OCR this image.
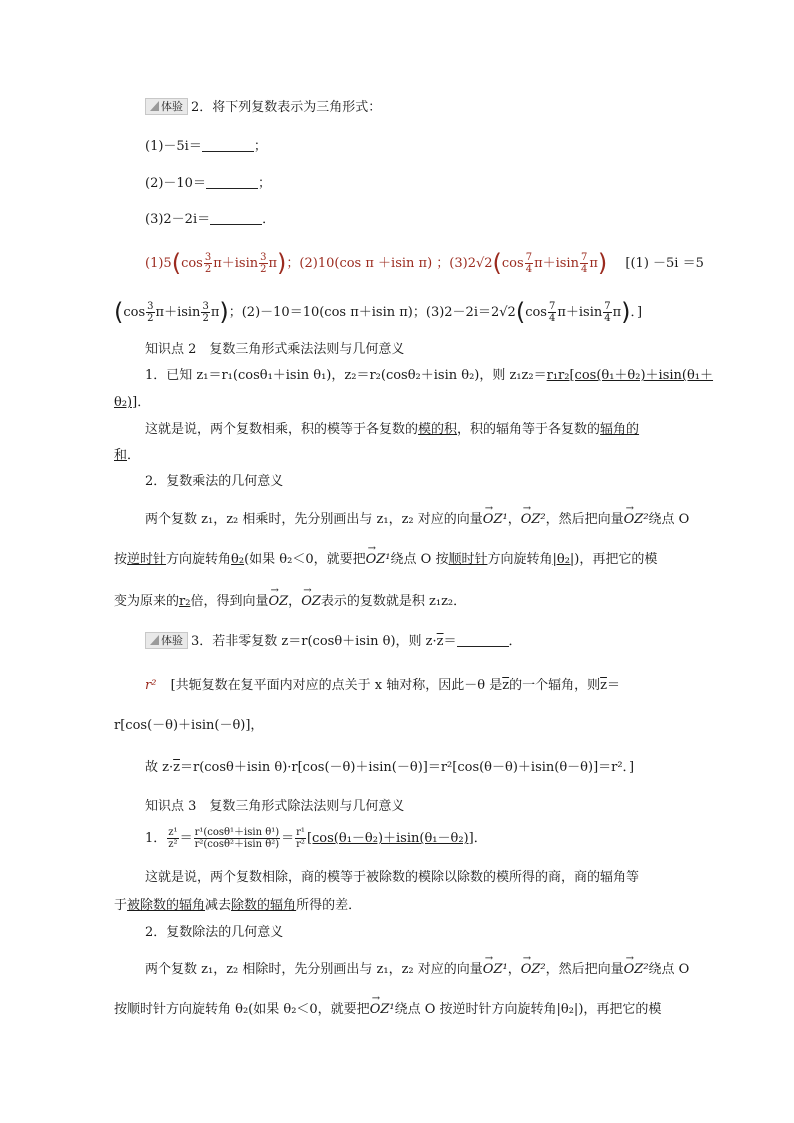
体验 2．将下列复数表示为三角形式：
(1)－5i＝	；
(2)－10＝	；
(3)2－2i＝	．
$(1)5(\cos \frac{3}{2} \pi+isin \frac{3}{2} \pi)$；(2)10(cos π ＋isin π) ；$(3)2√2(\cos \frac{7}{4} \pi+isin \frac{7}{4} \pi)$ [(1) －5i ＝5
$(\cos \frac{3}{2} \pi+isin \frac{3}{2} \pi)$；(2)－10＝10(cos π＋isin π)；$(3)2-2i=2√2(\cos \frac{7}{4} \pi+isin \frac{7}{4} \pi)$．]
知识点 2　复数三角形式乘法法则与几何意义
1．已知 z₁＝r₁(cosθ₁＋isin θ₁)，z₂＝r₂(cosθ₂＋isin θ₂)，则 z₁z₂＝r₁r₂[cos(θ₁＋θ₂)＋isin(θ₁＋
θ₂)]．
这就是说，两个复数相乘，积的模等于各复数的模的积，积的辐角等于各复数的辐角的
和．
2．复数乘法的几何意义
两个复数 z₁，z₂ 相乘时，先分别画出与 z₁，z₂ 对应的向量→ OZ¹，→ OZ²，然后把向量→ OZ²绕点 O
按逆时针方向旋转角θ₂(如果 θ₂＜0，就要把→ OZ¹绕点 O 按顺时针方向旋转角|θ₂|)，再把它的模
变为原来的r₂倍，得到向量→ OZ，→ OZ表示的复数就是积 z₁z₂．
体验 3．若非零复数 z＝r(cosθ＋isin θ)，则 $z\cdot\overline{z}=$	．
r² [共轭复数在复平面内对应的点关于 x 轴对称，因此－θ 是$\overline{z}$的一个辐角，则$\overline{z}=$
r[cos(－θ)＋isin(－θ)]，
故 $z\cdot\overline{z}=r(\cos\theta+isin$ θ)·r[cos(－θ)＋isin(－θ)]＝r²[cos(θ－θ)＋isin(θ－θ)]＝r²．]
知识点 3　复数三角形式除法法则与几何意义
1． $\frac{\text{z¹}}{\text{z²}} = \frac{\text{r¹(cosθ¹＋isin θ¹)}}{\text{r²(cosθ²＋isin θ²)}} = \frac{\text{r¹}}{\text{r²}} [\cos(\theta_1-\theta_2)+isin(\theta_1-\theta_2)]$．
这就是说，两个复数相除，商的模等于被除数的模除以除数的模所得的商，商的辐角等
于被除数的辐角减去除数的辐角所得的差．
2．复数除法的几何意义
两个复数 z₁，z₂ 相除时，先分别画出与 z₁，z₂ 对应的向量→ OZ¹，→ OZ²，然后把向量→ OZ²绕点 O
按顺时针方向旋转角 θ₂(如果 θ₂＜0，就要把→ OZ¹绕点 O 按逆时针方向旋转角|θ₂|)，再把它的模
